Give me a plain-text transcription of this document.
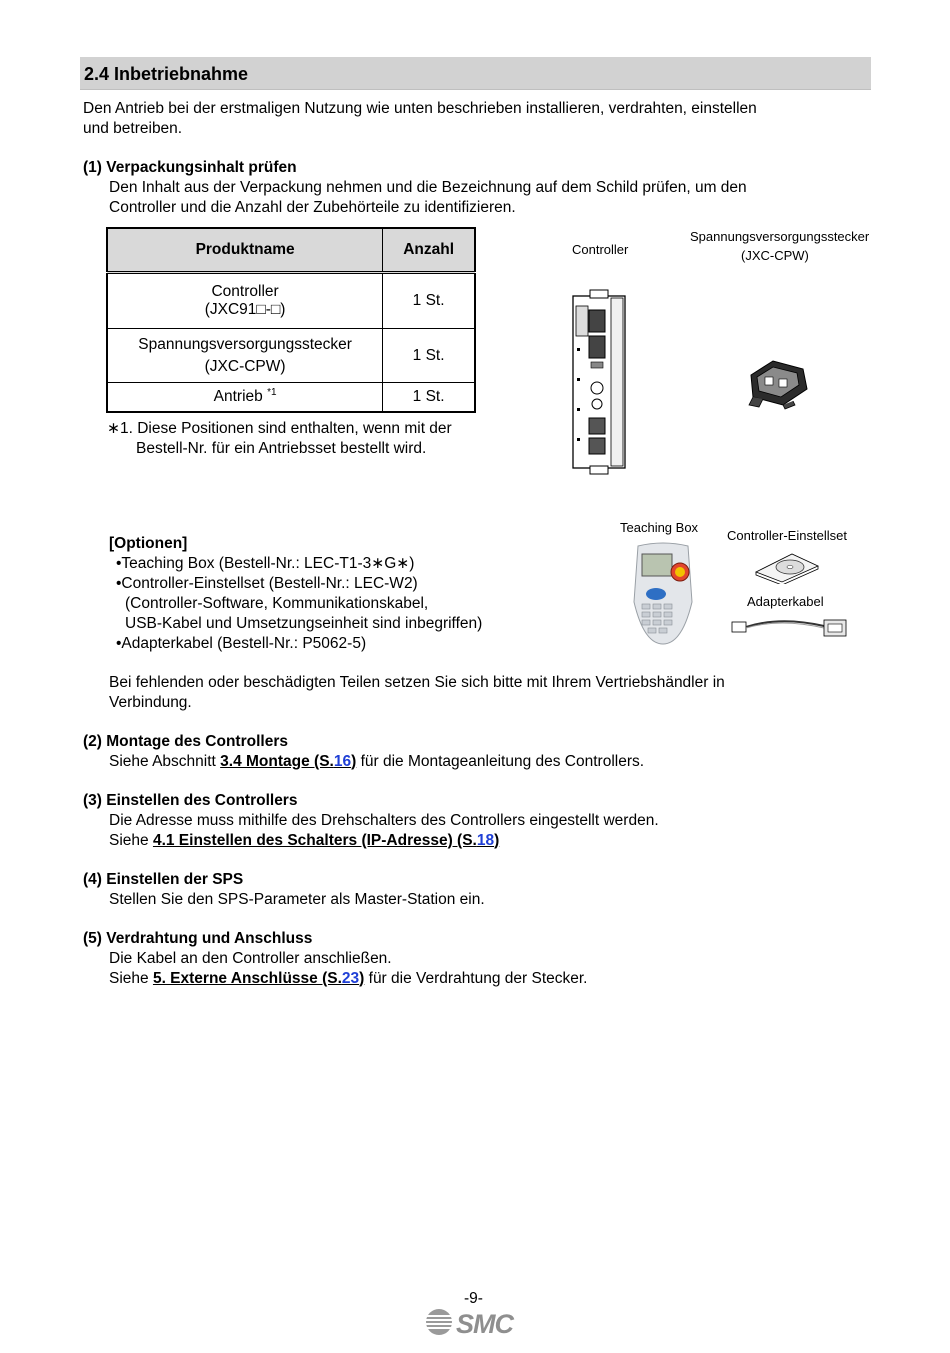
2.4 Inbetriebnahme
Den Antrieb bei der erstmaligen Nutzung wie unten beschrieben installieren, verdrahten, einstellen
und betreiben.
(1) Verpackungsinhalt prüfen
Den Inhalt aus der Verpackung nehmen und die Bezeichnung auf dem Schild prüfen, um den
Controller und die Anzahl der Zubehörteile zu identifizieren.
Produktname	Anzahl

Controller
(JXC91□-□)	1 St.

Spannungsversorgungsstecker
(JXC-CPW)	1 St.
Antrieb $^{*1}$	1 St.
∗1. Diese Positionen sind enthalten, wenn mit der
Bestell-Nr. für ein Antriebsset bestellt wird.
Controller
Spannungsversorgungsstecker
(JXC-CPW)
[Optionen]
•Teaching Box (Bestell-Nr.: LEC-T1-3∗G∗)
•Controller-Einstellset (Bestell-Nr.: LEC-W2)
(Controller-Software, Kommunikationskabel,
USB-Kabel und Umsetzungseinheit sind inbegriffen)
•Adapterkabel (Bestell-Nr.: P5062-5)
Teaching Box
Controller-Einstellset
Adapterkabel
Bei fehlenden oder beschädigten Teilen setzen Sie sich bitte mit Ihrem Vertriebshändler in
Verbindung.
(2) Montage des Controllers
Siehe Abschnitt 3.4 Montage (S.16) für die Montageanleitung des Controllers.
(3) Einstellen des Controllers
Die Adresse muss mithilfe des Drehschalters des Controllers eingestellt werden.
Siehe 4.1 Einstellen des Schalters (IP-Adresse) (S.18)
(4) Einstellen der SPS
Stellen Sie den SPS-Parameter als Master-Station ein.
(5) Verdrahtung und Anschluss
Die Kabel an den Controller anschließen.
Siehe 5. Externe Anschlüsse (S.23) für die Verdrahtung der Stecker.
-9-
SMC
